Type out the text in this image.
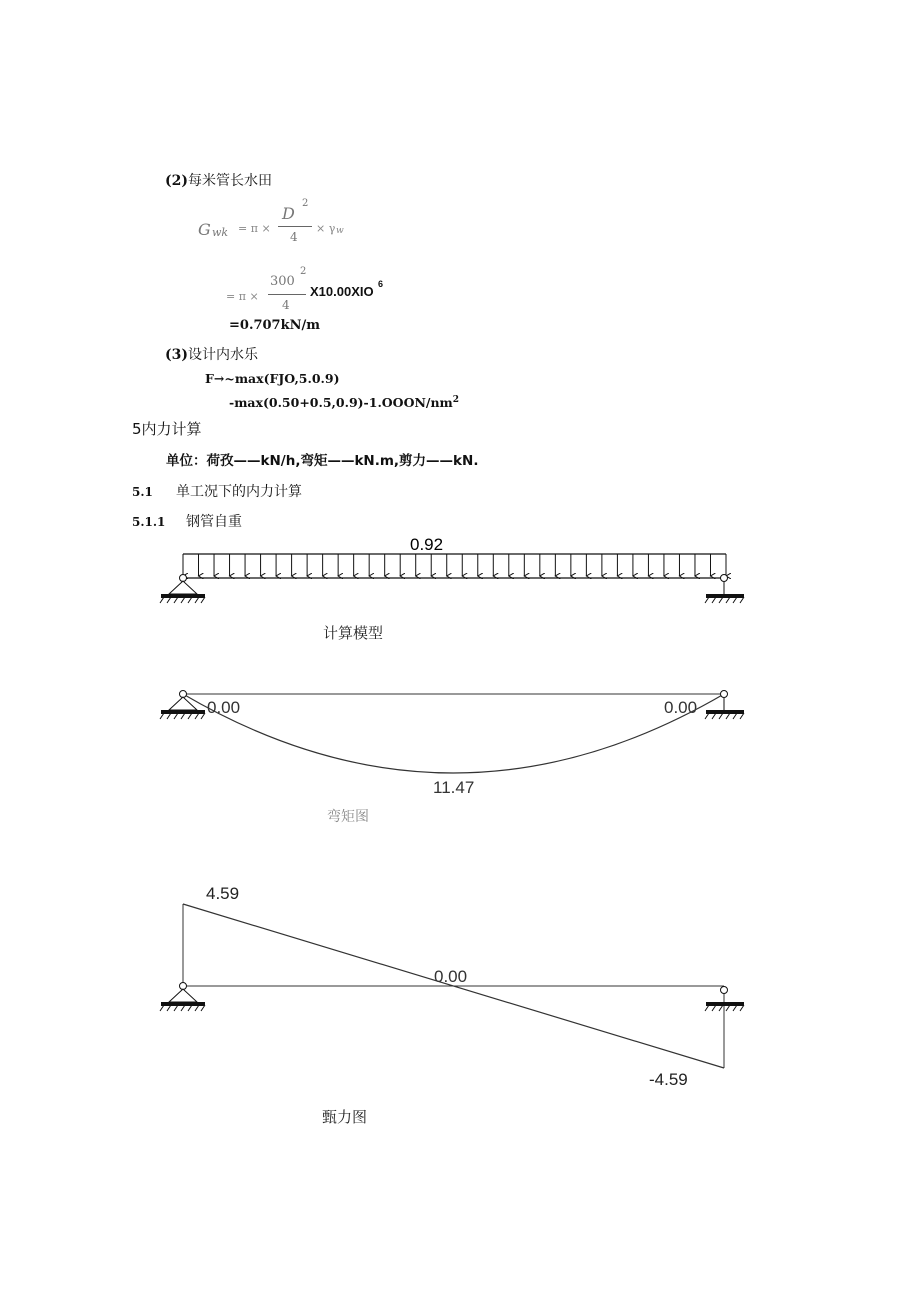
(2)每米管长水田
G wk = π ×
D
2
4
× γ w
= π ×
300
2
4
X10.00XIO 6
=0.707kN/m
(3)设计内水乐
F→~max(FJO,5.0.9)
$-\max(0.50+0.5,0.9)-1.OOON/nm^2$
5内力计算
单位：荷孜——kN/h,弯矩——kN.m,剪力——kN.
5.1 单工况下的内力计算
5.1.1 钢管自重
0.92
计算模型
0.00	0.00
11.47
弯矩图
4.59
0.00
-4.59
甄力图
